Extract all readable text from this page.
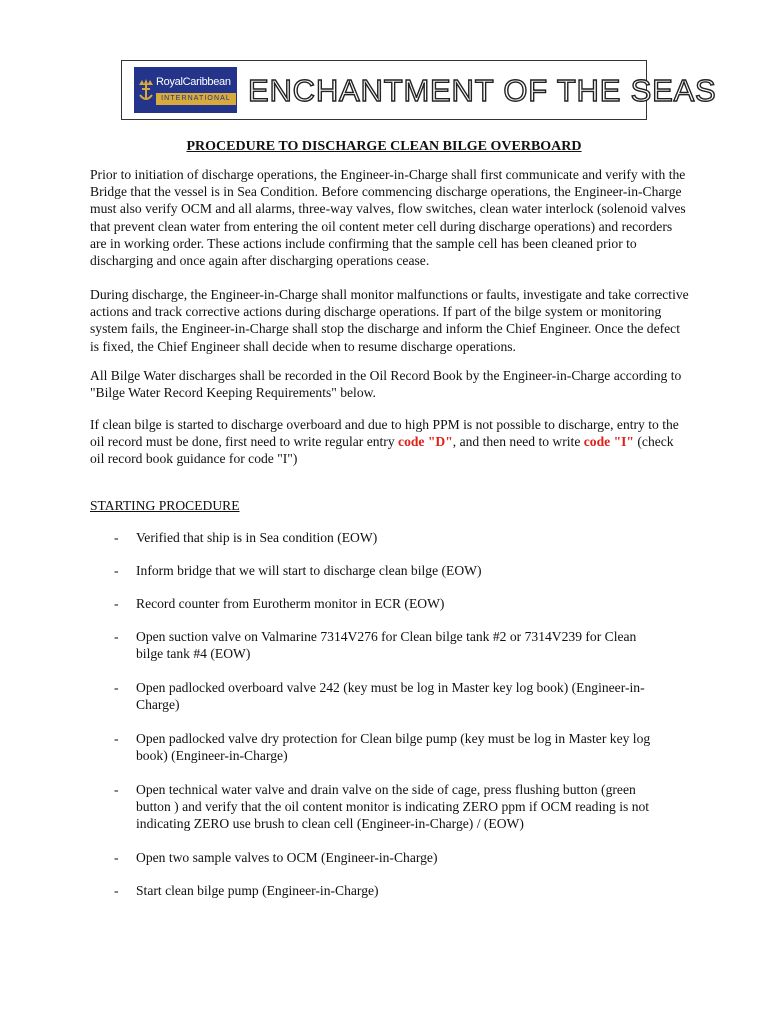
RoyalCaribbean
INTERNATIONAL ENCHANTMENT OF THE SEAS
PROCEDURE TO DISCHARGE CLEAN BILGE OVERBOARD

Prior to initiation of discharge operations, the Engineer-in-Charge shall first communicate and verify with the Bridge that the vessel is in Sea Condition. Before commencing discharge operations, the Engineer-in-Charge must also verify OCM and all alarms, three-way valves, flow switches, clean water interlock (solenoid valves that prevent clean water from entering the oil content meter cell during discharge operations) and recorders are in working order. These actions include confirming that the sample cell has been cleaned prior to discharging and once again after discharging operations cease.

During discharge, the Engineer-in-Charge shall monitor malfunctions or faults, investigate and take corrective actions and track corrective actions during discharge operations. If part of the bilge system or monitoring system fails, the Engineer-in-Charge shall stop the discharge and inform the Chief Engineer. Once the defect is fixed, the Chief Engineer shall decide when to resume discharge operations.

All Bilge Water discharges shall be recorded in the Oil Record Book by the Engineer-in-Charge according to "Bilge Water Record Keeping Requirements" below.

If clean bilge is started to discharge overboard and due to high PPM is not possible to discharge, entry to the oil record must be done, first need to write regular entry code "D", and then need to write code "I" (check oil record book guidance for code "I")

STARTING PROCEDURE
- Verified that ship is in Sea condition (EOW)
- Inform bridge that we will start to discharge clean bilge (EOW)
- Record counter from Eurotherm monitor in ECR (EOW)
- Open suction valve on Valmarine 7314V276 for Clean bilge tank #2 or 7314V239 for Clean bilge tank #4 (EOW)
- Open padlocked overboard valve 242 (key must be log in Master key log book) (Engineer-in-Charge)
- Open padlocked valve dry protection for Clean bilge pump (key must be log in Master key log book) (Engineer-in-Charge)
- Open technical water valve and drain valve on the side of cage, press flushing button (green button ) and verify that the oil content monitor is indicating ZERO ppm if OCM reading is not indicating ZERO use brush to clean cell (Engineer-in-Charge) / (EOW)
- Open two sample valves to OCM (Engineer-in-Charge)
- Start clean bilge pump (Engineer-in-Charge)
